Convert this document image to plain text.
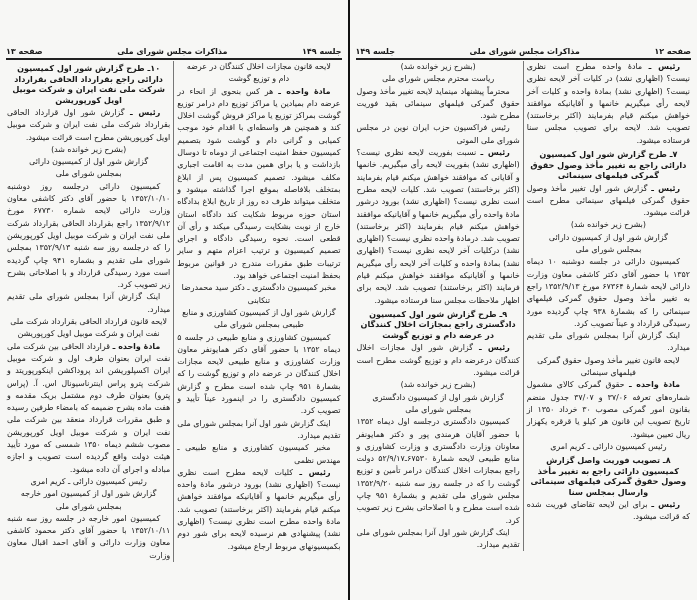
جلسه ۱۴۹
مذاکرات مجلس شورای ملی
صفحه ۱۳

لایحه قانون مجازات اخلال کنندگان در عرضه

دام و توزیع گوشت

مادهٔ واحده ـ هر کس بنحوی از انحاء در عرضه دام بمیادین یا مراکز توزیع دام درامر توزیع گوشت بمراکز توزیع یا مراکز فروش گوشت اخلال کند و همچنین هر واسطه‌ای با اقدام خود موجب کمیابی و گرانی دام و گوشت شود بتصمیم کمیسیون حفظ امنیت اجتماعی از دوماه تا دوسال بازداشت و یا برای همین مدت به اقامت اجباری مکلف میشود. تصمیم کمیسیون پس از ابلاغ بمتخلف بلافاصله بموقع اجرا گذاشته میشود و متخلف میتواند ظرف ده روز از تاریخ ابلاغ بدادگاه استان حوزه مربوط شکایت کند دادگاه استان خارج از نوبت بشکایت رسیدگی میکند و رأی آن قطعی است. نحوه رسیدگی دادگاه و اجرای تصمیم کمیسیون و ترتیب اعزام متهم و سایر ترتیبات طبق مقررات مندرج در قوانین مربوط بحفظ امنیت اجتماعی خواهد بود.

مخبر کمیسیون دادگستری ـ دکتر سید محمدرضا تنکابنی

گزارش شور اول از کمیسیون کشاورزی و منابع

طبیعی بمجلس شورای ملی

کمیسیون کشاورزی و منابع طبیعی در جلسه ۵ دیماه ۱۳۵۲ با حضور آقای دکتر همایونفر معاون وزارت کشاورزی و منابع طبیعی لایحه مجازات اخلال کنندگان در عرضه دام و توزیع گوشت را که بشمارهٔ ۹۵۱ چاپ شده است مطرح و گزارش کمیسیون دادگستری را در اینمورد عیناً تأیید و تصویب کرد.

اینک گزارش شور اول آنرا بمجلس شورای ملی تقدیم میدارد.

مخبر کمیسیون کشاورزی و منابع طبیعی ـ مهندس نظمی

رئیس ـ کلیات لایحه مطرح است نظری نیست؟ (اظهاری نشد) بورود درشور مادهٔ واحده رأی میگیریم خانمها و آقایانیکه موافقند خواهش میکنم قیام بفرمایند (اکثر برخاستند) تصویب شد. مادهٔ واحده مطرح است نظری نیست؟ (اظهاری نشد) پیشنهادی هم نرسیده لایحه برای شور دوم بکمیسیونهای مربوط ارجاع میشود.

۱۰ـ طرح گزارش شور اول کمیسیون دارائی راجع بقرارداد الحاقی بقرارداد شرکت ملی نفت ایران و شرکت موبیل اویل کورپوریشن

رئیس ـ گزارش شور اول قرارداد الحاقی بقرارداد شرکت ملی نفت ایران و شرکت موبیل اویل کورپوریشن مطرح است قرائت میشود.

(بشرح زیر خوانده شد)

گزارش شور اول از کمیسیون دارائی

بمجلس شورای ملی

کمیسیون دارائی درجلسه روز دوشنبه ۱۳۵۲/۱۰/۱۰ با حضور آقای دکتر کاشفی معاون وزارت دارائی لایحه شماره ۶۷۷۳۰ مورخ ۱۳۵۲/۹/۱۲ راجع بقرارداد الحاقی بقرارداد شرکت ملی نفت ایران و شرکت موبیل اویل کورپوریشن را که درجلسه روز سه شنبه ۱۳۵۲/۹/۱۳ بمجلس شورای ملی تقدیم و بشماره ۹۴۱ چاپ گردیده است مورد رسیدگی قرارداد و با اصلاحاتی بشرح زیر تصویب کرد.

اینک گزارش آنرا بمجلس شورای ملی تقدیم میدارد.

لایحه قانون قرارداد الحاقی بقرارداد شرکت ملی

نفت ایران و شرکت موبیل اویل کورپوریشن

مادهٔ واحده ـ قرارداد الحاقی بین شرکت ملی نفت ایران بعنوان طرف اول و شرکت موبیل ایران اکسپلوریشن اند پروداکشن اینکورپوریتد و شرکت پترو پراس اینترناسیونال اس. آ. (پراس پترو) بعنوان طرف دوم مشتمل بریک مقدمه و هفت ماده بشرح ضمیمه که بامضاء طرفین رسیده و طبق مقررات قرارداد منعقد بین شرکت ملی نفت ایران و شرکت موبیل اویل کورپوریشن مصوب ششم دیماه ۱۳۵۰ شمسی که مورد تأیید هیئت دولت واقع گردیده است تصویب و اجازه مبادله و اجرای آن داده میشود.

رئیس کمیسیون دارائی ـ کریم امری

گزارش شور اول از کمیسیون امور خارجه

بمجلس شورای ملی

کمیسیون امور خارجه در جلسه روز سه شنبه ۱۳۵۲/۱۰/۱۱ با حضور آقای دکتر محمود کاشفی معاون وزارت دارائی و آقای احمد اقبال معاون وزارت

صفحه ۱۲
مذاکرات مجلس شورای ملی
جلسه ۱۴۹

رئیس ـ مادهٔ واحده مطرح است نظری نیست؟ (اظهاری نشد) در کلیات آخر لایحه نظری نیست؟ (اظهاری نشد) بمادهٔ واحده و کلیات آخر لایحه رأی میگیریم خانمها و آقایانیکه موافقند خواهش میکنم قیام بفرمایند (اکثر برخاستند) تصویب شد. لایحه برای تصویب مجلس سنا فرستاده میشود.

۷ـ طرح گزارش شور اول کمیسیون دارائی راجع به تغییر مأخذ وصول حقوق گمرکی فیلمهای سینمائی

رئیس ـ گزارش شور اول تغییر مأخذ وصول حقوق گمرکی فیلمهای سینمائی مطرح است قرائت میشود.

(بشرح زیر خوانده شد)

گزارش شور اول از کمیسیون دارائی

بمجلس شورای ملی

کمیسیون دارائی در جلسه دوشنبه ۱۰ دیماه ۱۳۵۲ با حضور آقای دکتر کاشفی معاون وزارت دارائی لایحه شمارهٔ ۶۷۳۶۴ مورخ ۱۳۵۲/۹/۱۳ راجع به تغییر مأخذ وصول حقوق گمرکی فیلمهای سینمائی را که بشمارهٔ ۹۳۸ چاپ گردیده مورد رسیدگی قرارداد و عیناً تصویب کرد.

اینک گزارش آنرا بمجلس شورای ملی تقدیم میدارد.

لایحه قانون تغییر مأخذ وصول حقوق گمرکی

فیلمهای سینمائی

مادهٔ واحده ـ حقوق گمرکی کالای مشمول شماره‌های تعرفه ۳۷/۰۶ و ۳۷/۰۷ جدول منضم بقانون امور گمرکی مصوب ۳۰ خرداد ۱۳۵۰ از تاریخ تصویب این قانون هر کیلو یا قرقره یکهزار ریال تعیین میشود.

رئیس کمیسیون دارائی ـ کریم امری

۸ـ تصویب فوریت واصل گزارش کمیسیون دارائی راجع به تغییر مأخذ وصول حقوق گمرکی فیلمهای سینمائی وارسال بمجلس سنا

رئیس ـ برای این لایحه تقاضای فوریت شده که قرائت میشود.

(بشرح زیر خوانده شد)

ریاست محترم مجلس شورای ملی

محترماً پیشنهاد مینماید لایحه تغییر مأخذ وصول حقوق گمرکی فیلمهای سینمائی بقید فوریت مطرح شود.

رئیس فراکسیون حزب ایران نوین در مجلس شورای ملی الموتی

رئیس ـ نسبت بفوریت لایحه نظری نیست؟ (اظهاری نشد) بفوریت لایحه رأی میگیریم. خانمها و آقایانی که موافقند خواهش میکنم قیام بفرمایند (اکثر برخاستند) تصویب شد. کلیات لایحه مطرح است نظری نیست؟ (اظهاری نشد) بورود درشور مادهٔ واحده رأی میگیریم خانمها و آقایانیکه موافقند خواهش میکنم قیام بفرمایند (اکثر برخاستند) تصویب شد. درمادهٔ واحده نظری نیست؟ (اظهاری نشد) درکلیات آخر لایحه نظری نیست؟ (اظهاری نشد) بمادهٔ واحده و کلیات آخر لایحه رأی میگیریم خانمها و آقایانیکه موافقند خواهش میکنم قیام فرمایند (اکثر برخاستند) تصویب شد. لایحه برای اظهار ملاحظات مجلس سنا فرستاده میشود.

۹ـ طرح گزارش شور اول کمیسیون دادگستری راجع بمجازات اخلال کنندگان در عرضه دام و توزیع گوشت

رئیس ـ گزارش شور اول مجازات اخلال کنندگان درعرضه دام و توزیع گوشت مطرح است قرائت میشود.

(بشرح زیر خوانده شد)

گزارش شور اول از کمیسیون دادگستری

بمجلس شورای ملی

کمیسیون دادگستری درجلسه اول دیماه ۱۳۵۲ با حضور آقایان هرمندی پور و دکتر همایونفر معاونان وزارت دادگستری و وزارت کشاورزی و منابع طبیعی لایحه شمارهٔ ۶۷۵۳۰ـ۵۲/۹/۱۷ دولت راجع بمجازات اخلال کنندگان درامر تأمین و توزیع گوشت را که در جلسه روز سه شنبه ۱۳۵۲/۹/۲۰ مجلس شورای ملی تقدیم و بشمارهٔ ۹۵۱ چاپ شده است مطرح و با اصلاحاتی بشرح زیر تصویب کرد.

اینک گزارش شور اول آنرا بمجلس شورای ملی تقدیم میدارد.
